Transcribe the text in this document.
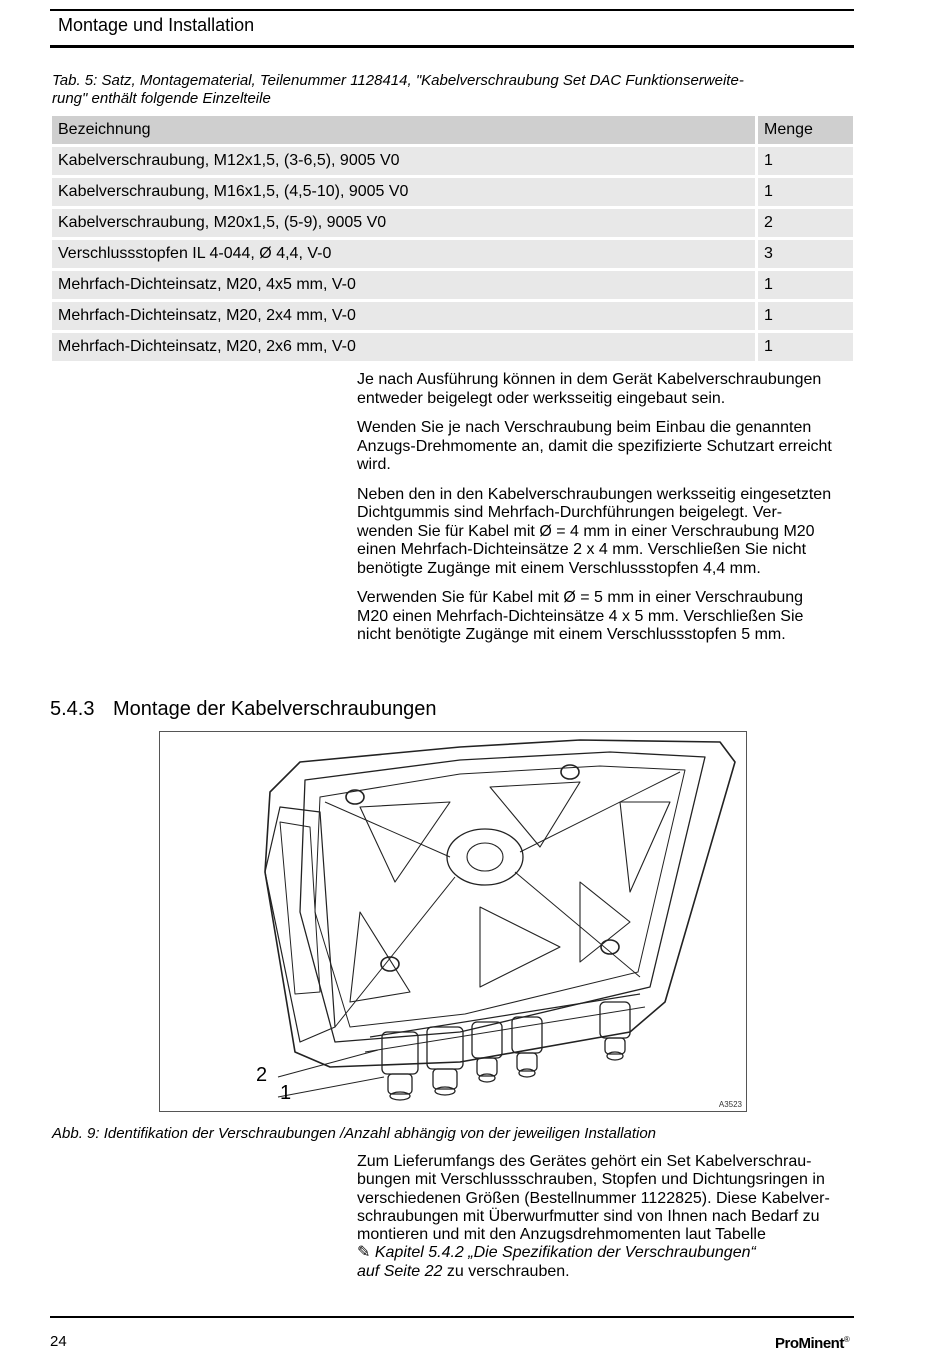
Montage und Installation
Tab. 5: Satz, Montagematerial, Teilenummer 1128414, "Kabelverschraubung Set DAC Funktionserweite-
rung" enthält folgende Einzelteile
Bezeichnung	Menge
Kabelverschraubung, M12x1,5, (3-6,5), 9005 V0	1
Kabelverschraubung, M16x1,5, (4,5-10), 9005 V0	1
Kabelverschraubung, M20x1,5, (5-9), 9005 V0	2
Verschlussstopfen IL 4-044, Ø 4,4, V-0	3
Mehrfach-Dichteinsatz, M20, 4x5 mm, V-0	1
Mehrfach-Dichteinsatz, M20, 2x4 mm, V-0	1
Mehrfach-Dichteinsatz, M20, 2x6 mm, V-0	1

Je nach Ausführung können in dem Gerät Kabelverschraubungen
entweder beigelegt oder werksseitig eingebaut sein.

Wenden Sie je nach Verschraubung beim Einbau die genannten
Anzugs-Drehmomente an, damit die spezifizierte Schutzart erreicht
wird.

Neben den in den Kabelverschraubungen werksseitig eingesetzten
Dichtgummis sind Mehrfach-Durchführungen beigelegt. Ver-
wenden Sie für Kabel mit Ø = 4 mm in einer Verschraubung M20
einen Mehrfach-Dichteinsätze 2 x 4 mm. Verschließen Sie nicht
benötigte Zugänge mit einem Verschlussstopfen 4,4 mm.

Verwenden Sie für Kabel mit Ø = 5 mm in einer Verschraubung
M20 einen Mehrfach-Dichteinsätze 4 x 5 mm. Verschließen Sie
nicht benötigte Zugänge mit einem Verschlussstopfen 5 mm.

5.4.3 Montage der Kabelverschraubungen
2
1
A3523
Abb. 9: Identifikation der Verschraubungen /Anzahl abhängig von der jeweiligen Installation
Zum Lieferumfangs des Gerätes gehört ein Set Kabelverschrau-
bungen mit Verschlussschrauben, Stopfen und Dichtungsringen in
verschiedenen Größen (Bestellnummer 1122825). Diese Kabelver-
schraubungen mit Überwurfmutter sind von Ihnen nach Bedarf zu
montieren und mit den Anzugsdrehmomenten laut Tabelle
✎ Kapitel 5.4.2 „Die Spezifikation der Verschraubungen“
auf Seite 22 zu verschrauben.
24	ProMinent®
